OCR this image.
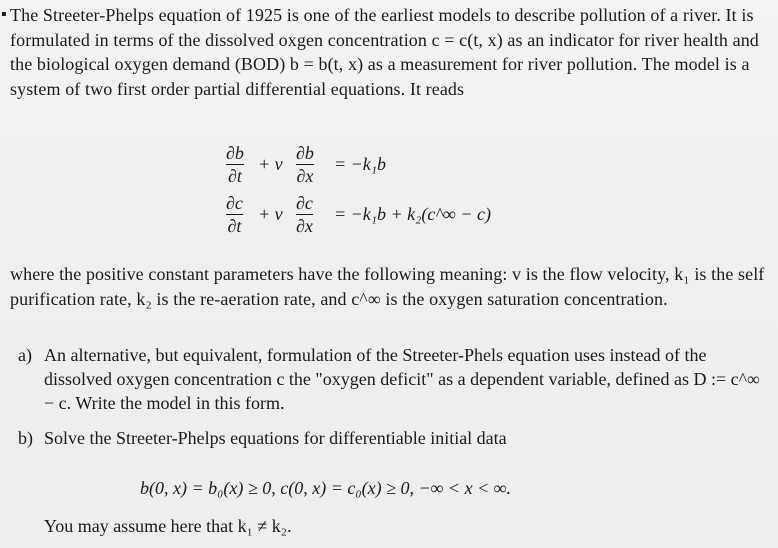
▪ The Streeter-Phelps equation of 1925 is one of the earliest models to describe pollution of a river. It is formulated in terms of the dissolved oxgen concentration c = c(t, x) as an indicator for river health and the biological oxygen demand (BOD) b = b(t, x) as a measurement for river pollution. The model is a system of two first order partial differential equations. It reads
∂b
∂t
+ v
∂b
∂x
= −k₁b
∂c
∂t
+ v
∂c
∂x
= −k₁b + k₂(c^∞ − c)
where the positive constant parameters have the following meaning: v is the flow velocity, k₁ is the self purification rate, k₂ is the re-aeration rate, and c^∞ is the oxygen saturation concentration.
a) An alternative, but equivalent, formulation of the Streeter-Phels equation uses instead of the dissolved oxygen concentration c the "oxygen deficit" as a dependent variable, defined as D := c^∞ − c. Write the model in this form.
b) Solve the Streeter-Phelps equations for differentiable initial data
b(0, x) = b₀(x) ≥ 0, c(0, x) = c₀(x) ≥ 0, −∞ < x < ∞.
You may assume here that k₁ ≠ k₂.
